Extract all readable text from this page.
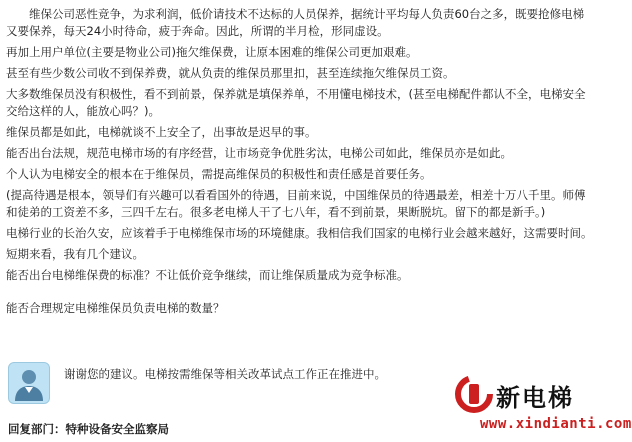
维保公司恶性竞争，为求利润，低价请技术不达标的人员保养，据统计平均每人负责60台之多，既要抢修电梯又要保养，每天24小时待命，疲于奔命。因此，所谓的半月检，形同虚设。

再加上用户单位(主要是物业公司)拖欠维保费，让原本困难的维保公司更加艰难。

甚至有些少数公司收不到保养费，就从负责的维保员那里扣，甚至连续拖欠维保员工资。

大多数维保员没有积极性，看不到前景，保养就是填保养单，不用懂电梯技术，(甚至电梯配件都认不全，电梯安全交给这样的人，能放心吗？)。

维保员都是如此，电梯就谈不上安全了，出事故是迟早的事。

能否出台法规，规范电梯市场的有序经营，让市场竞争优胜劣汰，电梯公司如此，维保员亦是如此。

个人认为电梯安全的根本在于维保员，需提高维保员的积极性和责任感是首要任务。

(提高待遇是根本，领导们有兴趣可以看看国外的待遇，目前来说，中国维保员的待遇最差，相差十万八千里。师傅和徒弟的工资差不多，三四千左右。很多老电梯人干了七八年，看不到前景，果断脱坑。留下的都是新手。)

电梯行业的长治久安，应该着手于电梯维保市场的环境健康。我相信我们国家的电梯行业会越来越好，这需要时间。

短期来看，我有几个建议。

能否出台电梯维保费的标准？不让低价竞争继续，而让维保质量成为竞争标准。

能否合理规定电梯维保员负责电梯的数量？

谢谢您的建议。电梯按需维保等相关改革试点工作正在推进中。
回复部门：特种设备安全监察局
新电梯
www.xindianti.com
